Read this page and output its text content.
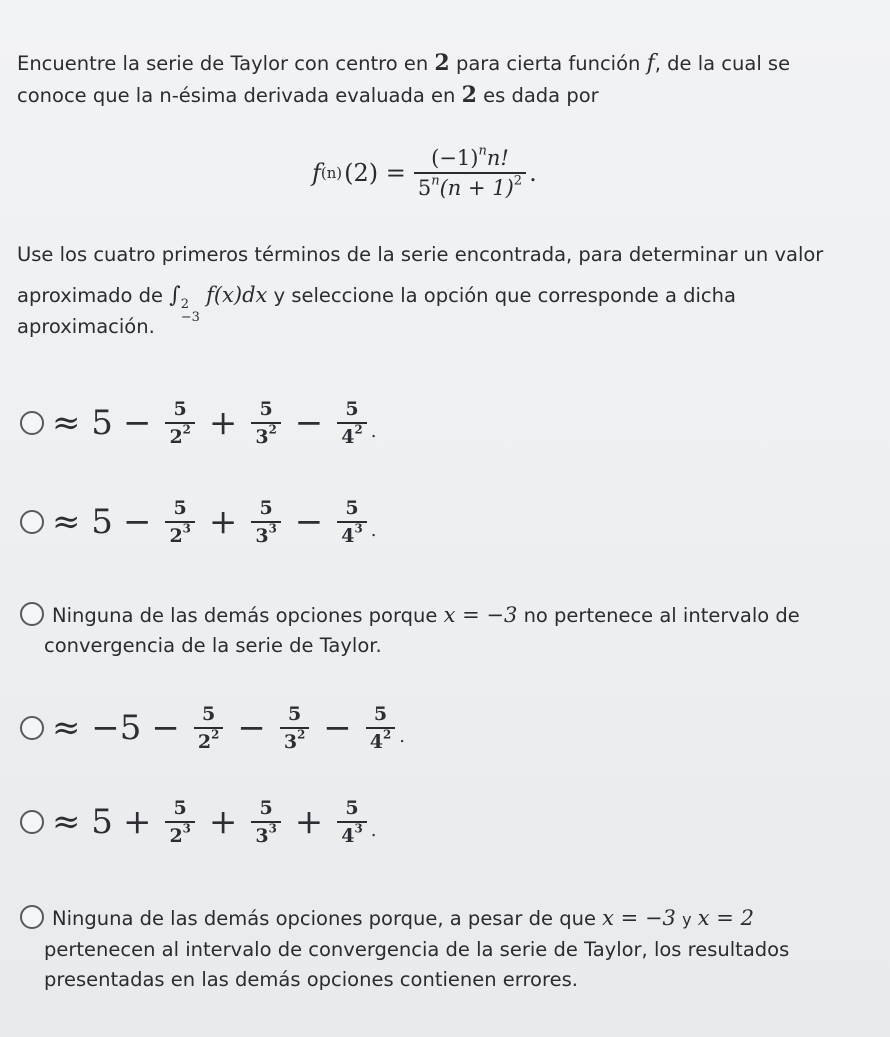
Encuentre la serie de Taylor con centro en 2 para cierta función f, de la cual se
conoce que la n-ésima derivada evaluada en 2 es dada por
f (n) $(2) = \frac{(-1)^nn!}{5^n(n + 1)^2}$ .
Use los cuatro primeros términos de la serie encontrada, para determinar un valor
aproximado de ∫ 2
−3
f(x)dx y seleccione la opción que corresponde a dicha
aproximación.
≈ $5 - \frac{5}{2^2} + \frac{5}{3^2} - \frac{5}{4^2}$ .
≈ $5 - \frac{5}{2^3} + \frac{5}{3^3} - \frac{5}{4^3}$ .
Ninguna de las demás opciones porque x = −3 no pertenece al intervalo de
convergencia de la serie de Taylor.
≈ $-5 - \frac{5}{2^2} - \frac{5}{3^2} - \frac{5}{4^2}$ .
≈ $5 + \frac{5}{2^3} + \frac{5}{3^3} + \frac{5}{4^3}$ .
Ninguna de las demás opciones porque, a pesar de que x = −3 y x = 2
pertenecen al intervalo de convergencia de la serie de Taylor, los resultados
presentadas en las demás opciones contienen errores.
